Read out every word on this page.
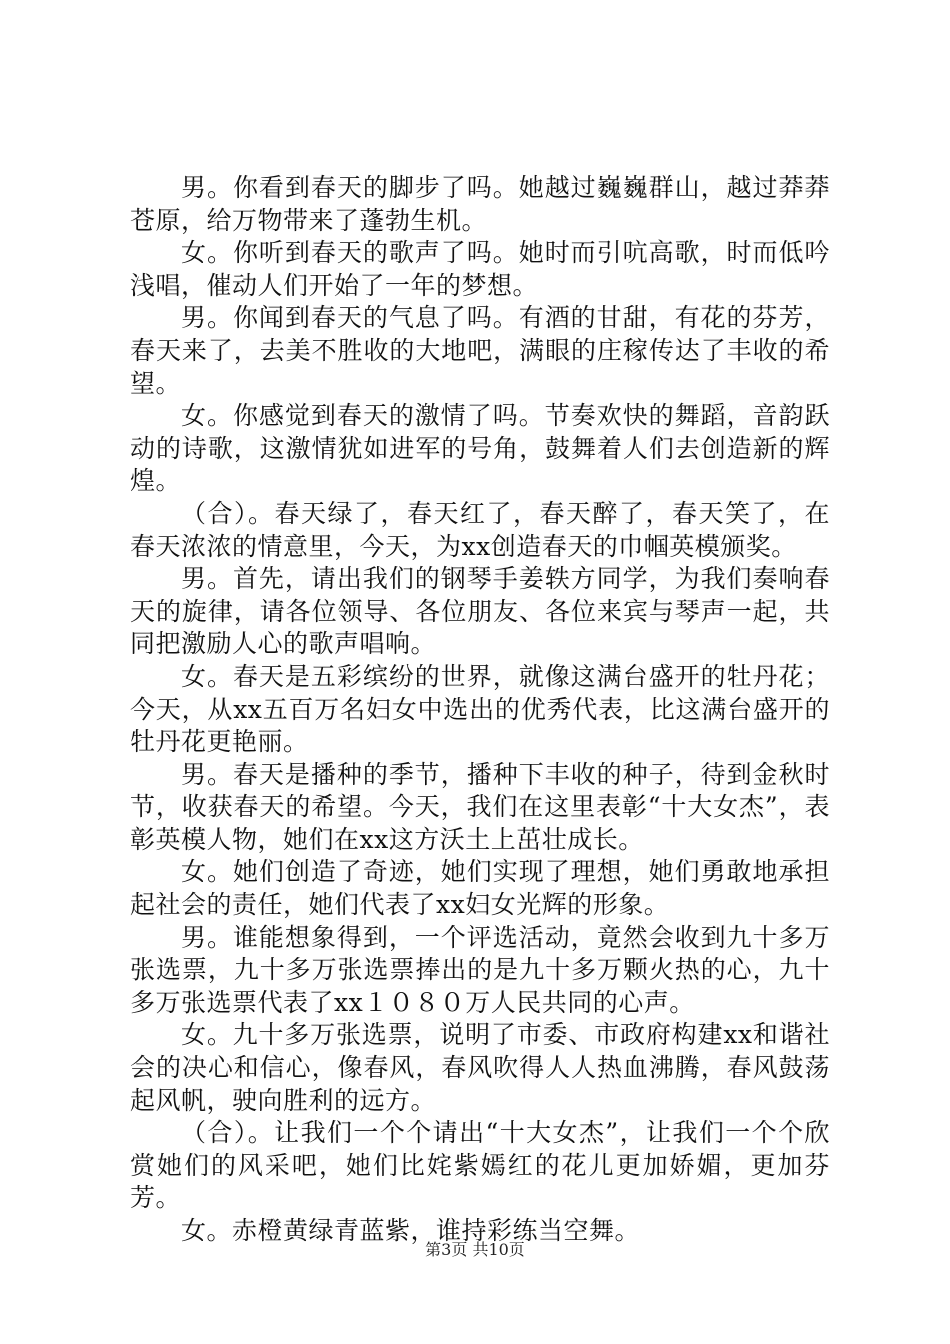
男。你看到春天的脚步了吗。她越过巍巍群山，越过莽莽苍原，给万物带来了蓬勃生机。

女。你听到春天的歌声了吗。她时而引吭高歌，时而低吟浅唱，催动人们开始了一年的梦想。

男。你闻到春天的气息了吗。有酒的甘甜，有花的芬芳，春天来了，去美不胜收的大地吧，满眼的庄稼传达了丰收的希望。

女。你感觉到春天的激情了吗。节奏欢快的舞蹈，音韵跃动的诗歌，这激情犹如进军的号角，鼓舞着人们去创造新的辉煌。

（合）。春天绿了，春天红了，春天醉了，春天笑了，在春天浓浓的情意里，今天，为xx创造春天的巾帼英模颁奖。

男。首先，请出我们的钢琴手姜轶方同学，为我们奏响春天的旋律，请各位领导、各位朋友、各位来宾与琴声一起，共同把激励人心的歌声唱响。

女。春天是五彩缤纷的世界，就像这满台盛开的牡丹花；今天，从xx五百万名妇女中选出的优秀代表，比这满台盛开的牡丹花更艳丽。

男。春天是播种的季节，播种下丰收的种子，待到金秋时节，收获春天的希望。今天，我们在这里表彰“十大女杰”，表彰英模人物，她们在xx这方沃土上茁壮成长。

女。她们创造了奇迹，她们实现了理想，她们勇敢地承担起社会的责任，她们代表了xx妇女光辉的形象。

男。谁能想象得到，一个评选活动，竟然会收到九十多万张选票，九十多万张选票捧出的是九十多万颗火热的心，九十多万张选票代表了xx１０８０万人民共同的心声。

女。九十多万张选票，说明了市委、市政府构建xx和谐社会的决心和信心，像春风，春风吹得人人热血沸腾，春风鼓荡起风帆，驶向胜利的远方。

（合）。让我们一个个请出“十大女杰”，让我们一个个欣赏她们的风采吧，她们比姹紫嫣红的花儿更加娇媚，更加芬芳。

女。赤橙黄绿青蓝紫，谁持彩练当空舞。

第3页 共10页
